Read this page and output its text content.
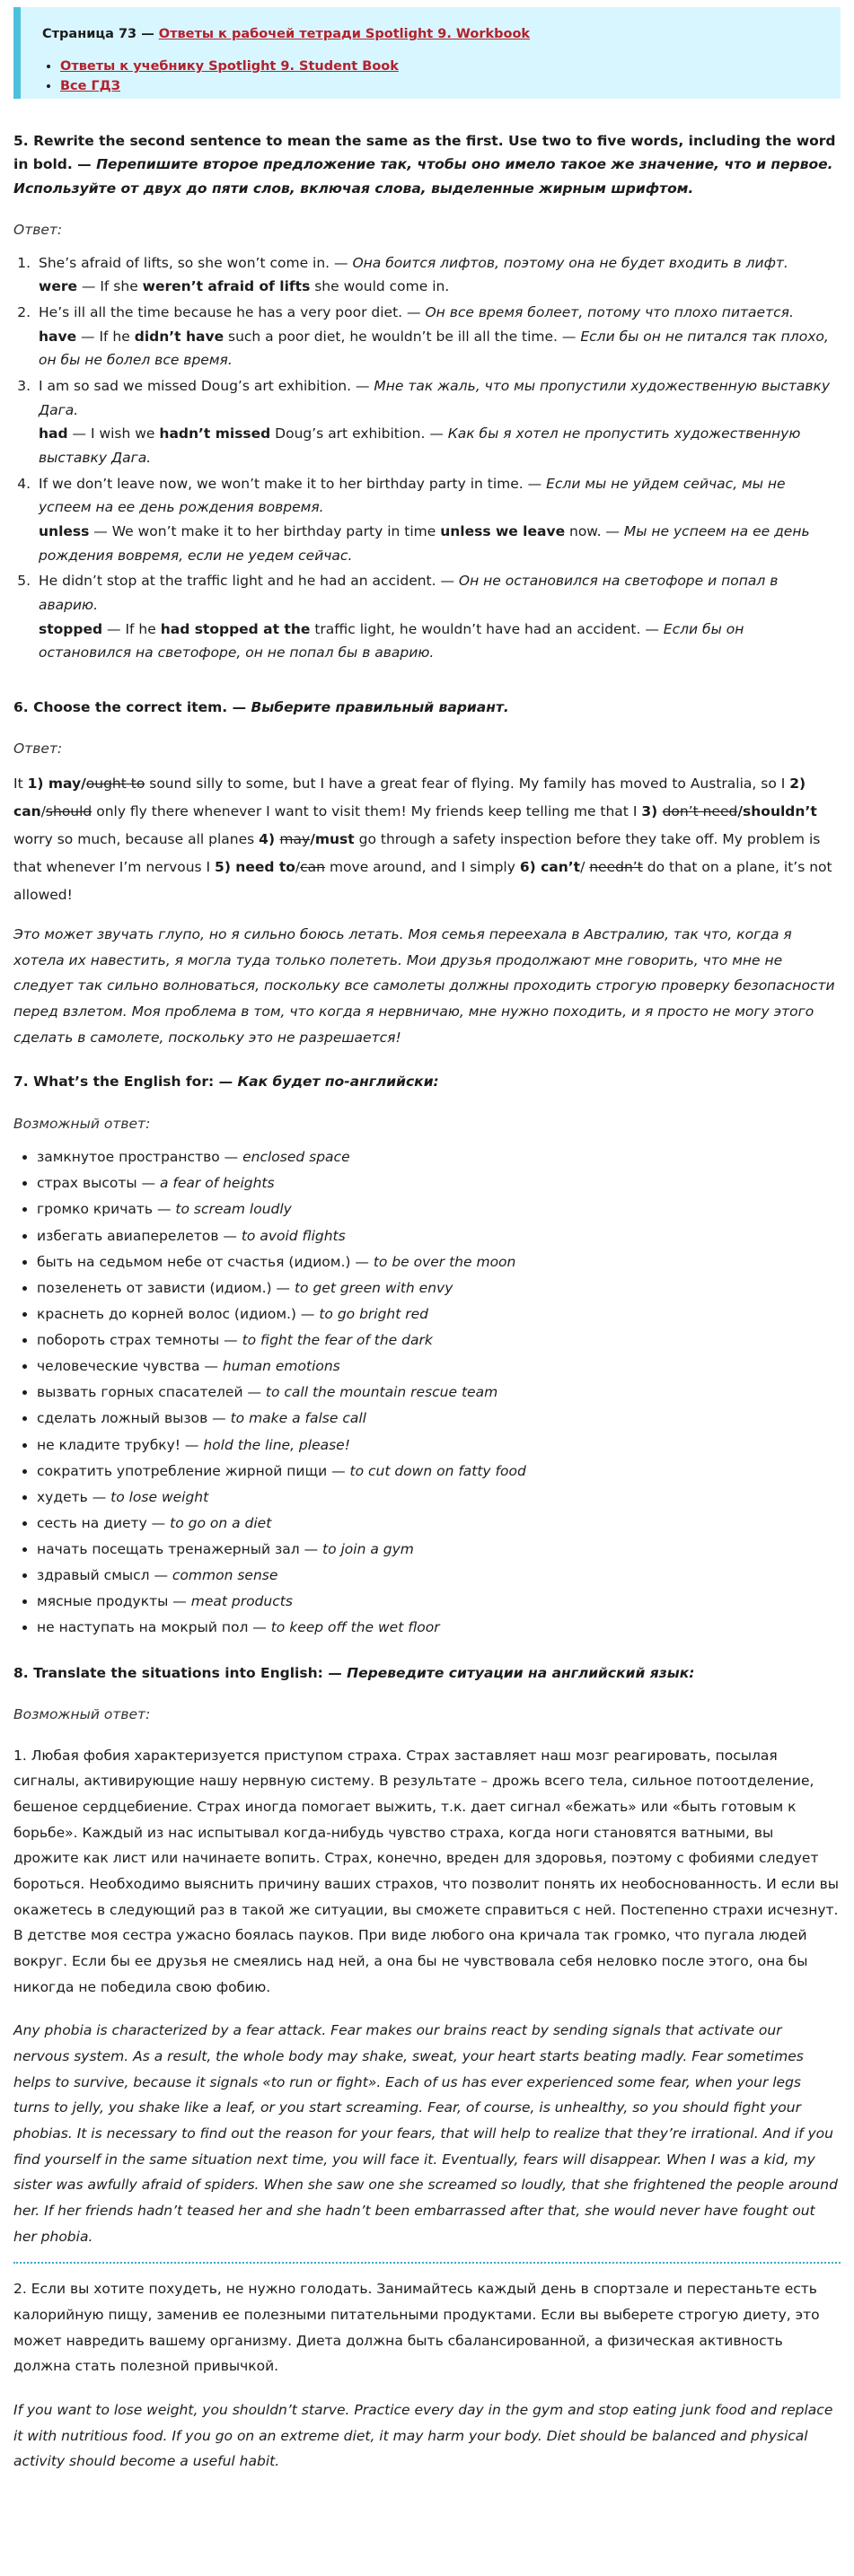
Страница 73 — Ответы к рабочей тетради Spotlight 9. Workbook
• Ответы к учебнику Spotlight 9. Student Book
• Все ГДЗ
5. Rewrite the second sentence to mean the same as the first. Use two to five words, including the word in bold. — Перепишите второе предложение так, чтобы оно имело такое же значение, что и первое. Используйте от двух до пяти слов, включая слова, выделенные жирным шрифтом.
Ответ:
1. She’s afraid of lifts, so she won’t come in. — Она боится лифтов, поэтому она не будет входить в лифт.
were — If she weren’t afraid of lifts she would come in.
2. He’s ill all the time because he has a very poor diet. — Он все время болеет, потому что плохо питается.
have — If he didn’t have such a poor diet, he wouldn’t be ill all the time. — Если бы он не питался так плохо, он бы не болел все время.
3. I am so sad we missed Doug’s art exhibition. — Мне так жаль, что мы пропустили художественную выставку Дага.
had — I wish we hadn’t missed Doug’s art exhibition. — Как бы я хотел не пропустить художественную выставку Дага.
4. If we don’t leave now, we won’t make it to her birthday party in time. — Если мы не уйдем сейчас, мы не успеем на ее день рождения вовремя.
unless — We won’t make it to her birthday party in time unless we leave now. — Мы не успеем на ее день рождения вовремя, если не уедем сейчас.
5. He didn’t stop at the traffic light and he had an accident. — Он не остановился на светофоре и попал в аварию.
stopped — If he had stopped at the traffic light, he wouldn’t have had an accident. — Если бы он остановился на светофоре, он не попал бы в аварию.
6. Choose the correct item. — Выберите правильный вариант.
Ответ:

It 1) may/ought to sound silly to some, but I have a great fear of flying. My family has moved to Australia, so I 2) can/should only fly there whenever I want to visit them! My friends keep telling me that I 3) don’t need/shouldn’t worry so much, because all planes 4) may/must go through a safety inspection before they take off. My problem is that whenever I’m nervous I 5) need to/can move around, and I simply 6) can’t/ needn’t do that on a plane, it’s not allowed!

Это может звучать глупо, но я сильно боюсь летать. Моя семья переехала в Австралию, так что, когда я хотела их навестить, я могла туда только полететь. Мои друзья продолжают мне говорить, что мне не следует так сильно волноваться, поскольку все самолеты должны проходить строгую проверку безопасности перед взлетом. Моя проблема в том, что когда я нервничаю, мне нужно походить, и я просто не могу этого сделать в самолете, поскольку это не разрешается!

7. What’s the English for: — Как будет по-английски:
Возможный ответ:
• замкнутое пространство — enclosed space
• страх высоты — a fear of heights
• громко кричать — to scream loudly
• избегать авиаперелетов — to avoid flights
• быть на седьмом небе от счастья (идиом.) — to be over the moon
• позеленеть от зависти (идиом.) — to get green with envy
• краснеть до корней волос (идиом.) — to go bright red
• побороть страх темноты — to fight the fear of the dark
• человеческие чувства — human emotions
• вызвать горных спасателей — to call the mountain rescue team
• сделать ложный вызов — to make a false call
• не кладите трубку! — hold the line, please!
• сократить употребление жирной пищи — to cut down on fatty food
• худеть — to lose weight
• сесть на диету — to go on a diet
• начать посещать тренажерный зал — to join a gym
• здравый смысл — common sense
• мясные продукты — meat products
• не наступать на мокрый пол — to keep off the wet floor
8. Translate the situations into English: — Переведите ситуации на английский язык:
Возможный ответ:

1. Любая фобия характеризуется приступом страха. Страх заставляет наш мозг реагировать, посылая сигналы, активирующие нашу нервную систему. В результате – дрожь всего тела, сильное потоотделение, бешеное сердцебиение. Страх иногда помогает выжить, т.к. дает сигнал «бежать» или «быть готовым к борьбе». Каждый из нас испытывал когда-нибудь чувство страха, когда ноги становятся ватными, вы дрожите как лист или начинаете вопить. Страх, конечно, вреден для здоровья, поэтому с фобиями следует бороться. Необходимо выяснить причину ваших страхов, что позволит понять их необоснованность. И если вы окажетесь в следующий раз в такой же ситуации, вы сможете справиться с ней. Постепенно страхи исчезнут. В детстве моя сестра ужасно боялась пауков. При виде любого она кричала так громко, что пугала людей вокруг. Если бы ее друзья не смеялись над ней, а она бы не чувствовала себя неловко после этого, она бы никогда не победила свою фобию.

Any phobia is characterized by a fear attack. Fear makes our brains react by sending signals that activate our nervous system. As a result, the whole body may shake, sweat, your heart starts beating madly. Fear sometimes helps to survive, because it signals «to run or fight». Each of us has ever experienced some fear, when your legs turns to jelly, you shake like a leaf, or you start screaming. Fear, of course, is unhealthy, so you should fight your phobias. It is necessary to find out the reason for your fears, that will help to realize that they’re irrational. And if you find yourself in the same situation next time, you will face it. Eventually, fears will disappear. When I was a kid, my sister was awfully afraid of spiders. When she saw one she screamed so loudly, that she frightened the people around her. If her friends hadn’t teased her and she hadn’t been embarrassed after that, she would never have fought out her phobia.

2. Если вы хотите похудеть, не нужно голодать. Занимайтесь каждый день в спортзале и перестаньте есть калорийную пищу, заменив ее полезными питательными продуктами. Если вы выберете строгую диету, это может навредить вашему организму. Диета должна быть сбалансированной, а физическая активность должна стать полезной привычкой.

If you want to lose weight, you shouldn’t starve. Practice every day in the gym and stop eating junk food and replace it with nutritious food. If you go on an extreme diet, it may harm your body. Diet should be balanced and physical activity should become a useful habit.
